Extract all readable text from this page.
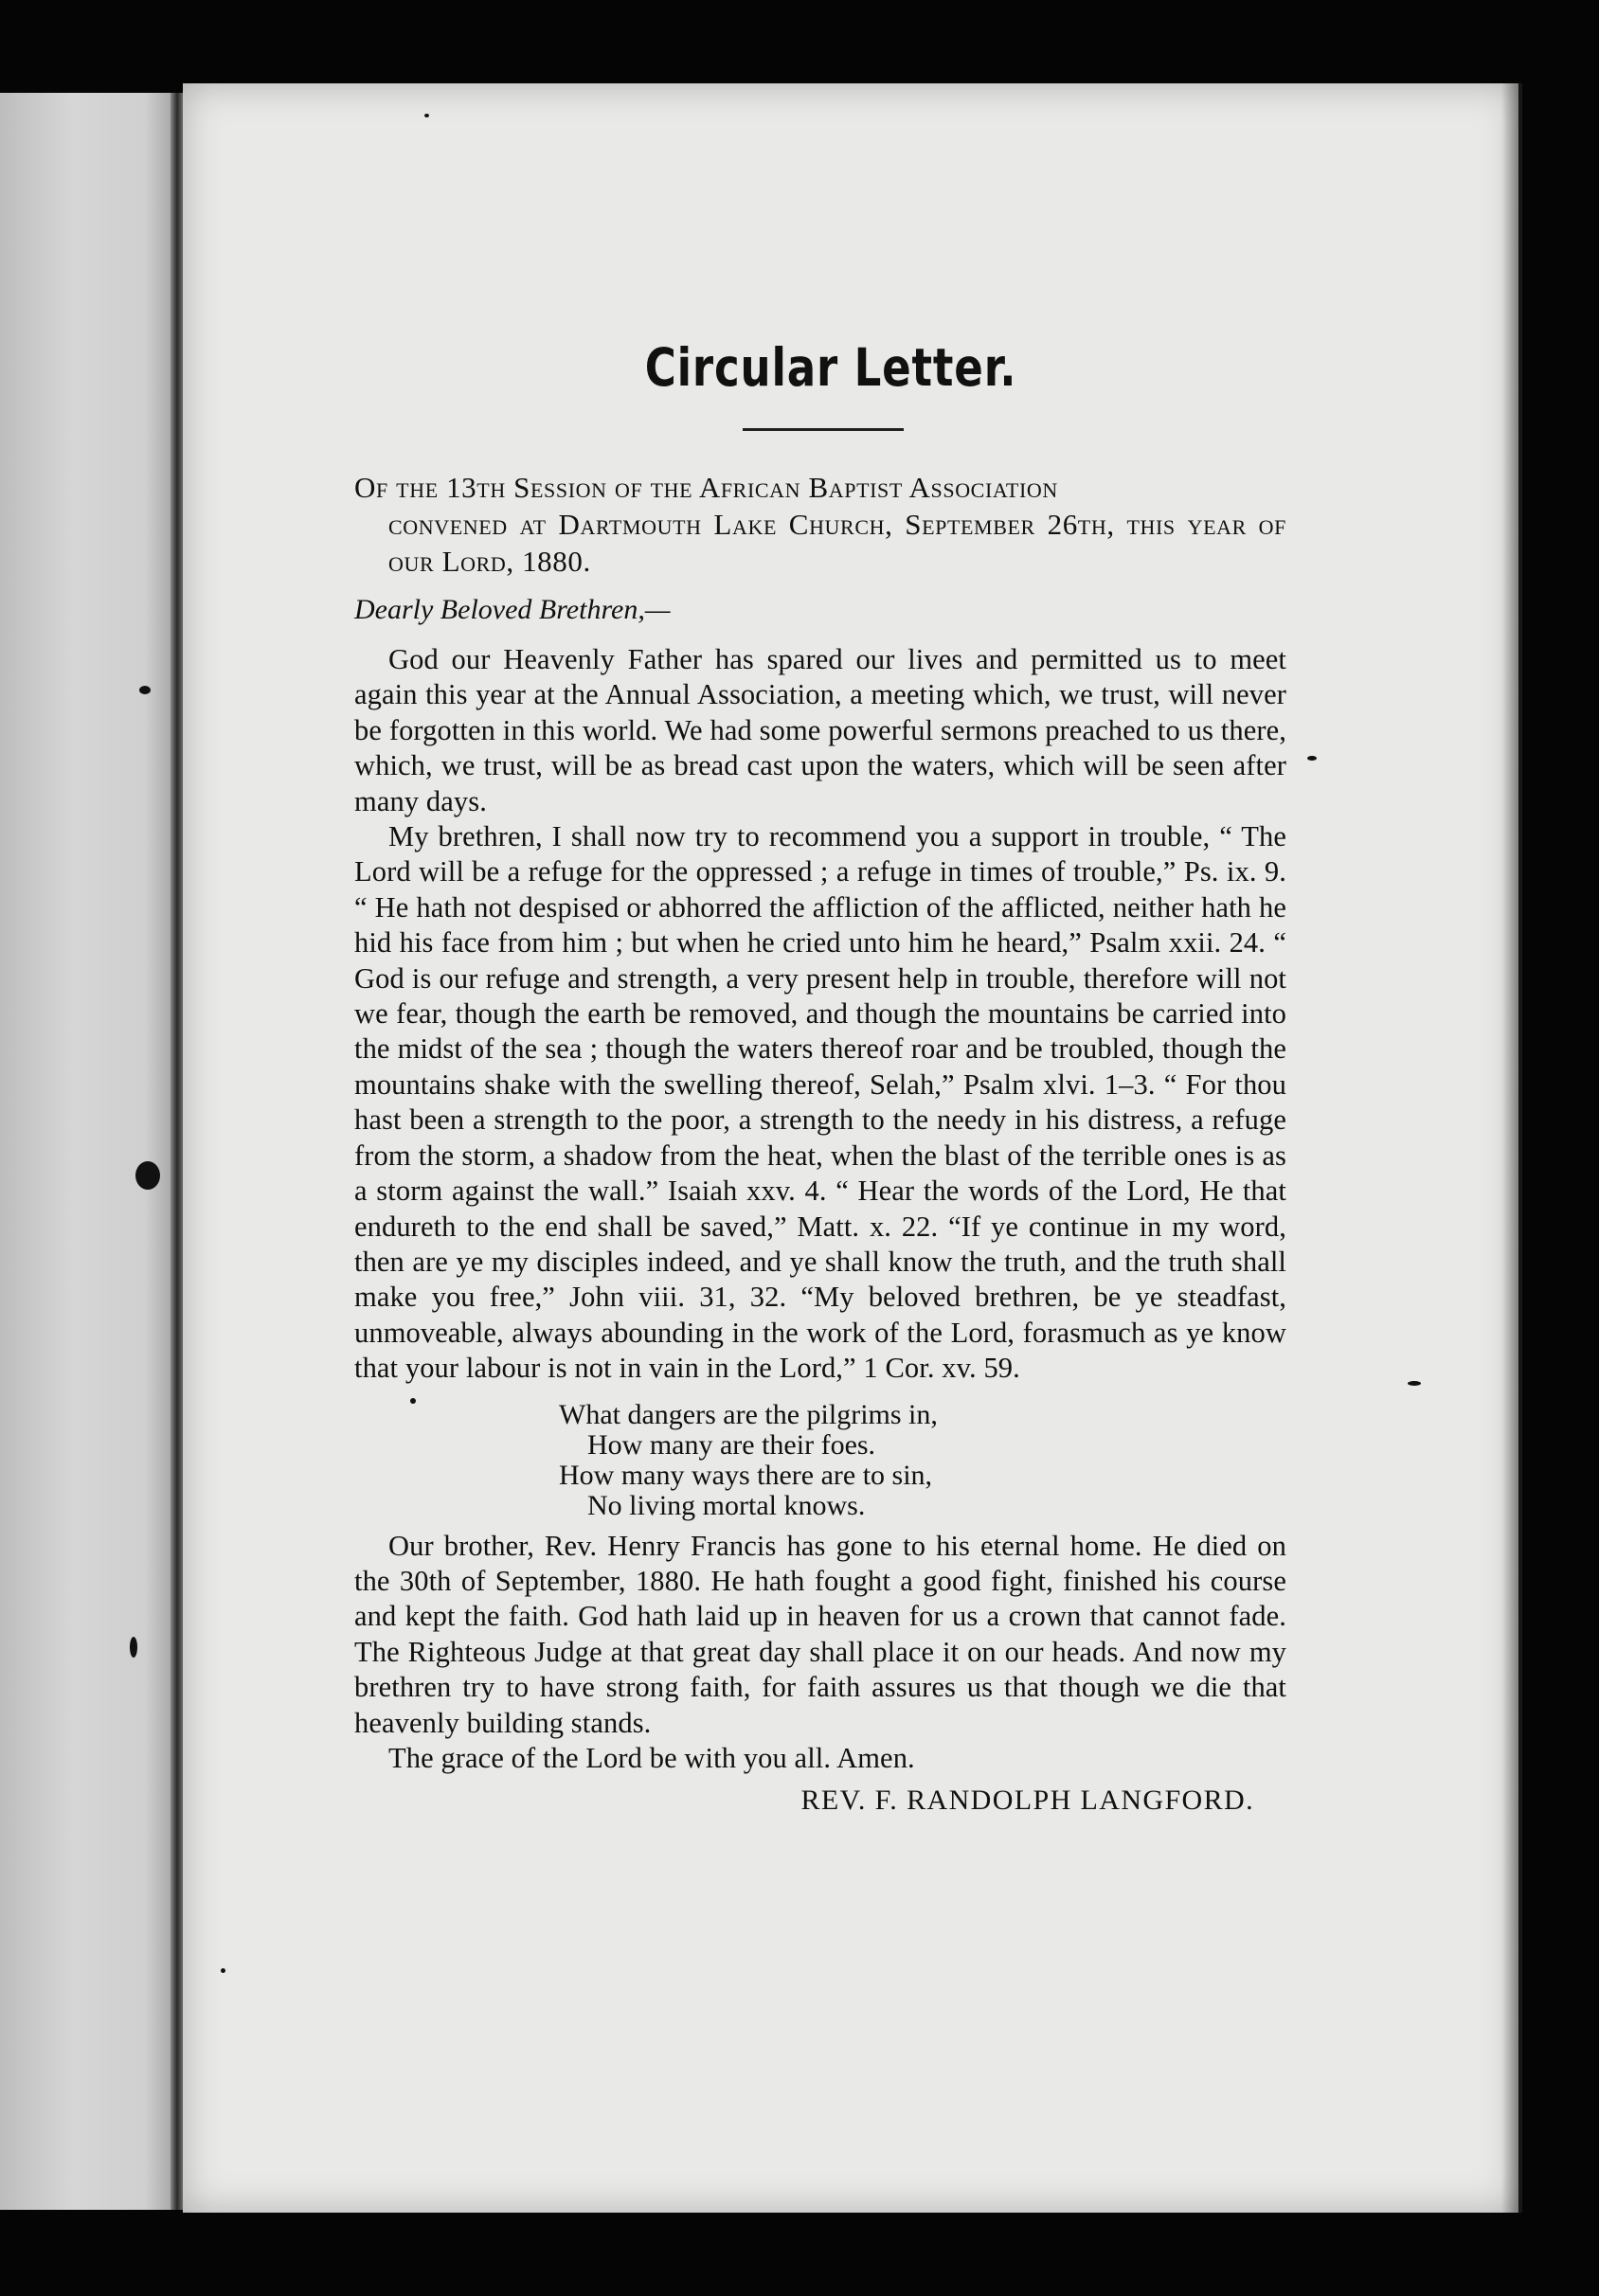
Circular Letter.
Of the 13th Session of the African Baptist Association
convened at Dartmouth Lake Church, September 26th, this year of our Lord, 1880.
Dearly Beloved Brethren,—

God our Heavenly Father has spared our lives and permitted us to meet again this year at the Annual Association, a meeting which, we trust, will never be forgotten in this world. We had some powerful sermons preached to us there, which, we trust, will be as bread cast upon the waters, which will be seen after many days.

My brethren, I shall now try to recommend you a support in trouble, “ The Lord will be a refuge for the oppressed ; a refuge in times of trouble,” Ps. ix. 9. “ He hath not despised or abhorred the affliction of the afflicted, neither hath he hid his face from him ; but when he cried unto him he heard,” Psalm xxii. 24. “ God is our refuge and strength, a very present help in trouble, therefore will not we fear, though the earth be removed, and though the mountains be carried into the midst of the sea ; though the waters thereof roar and be troubled, though the mountains shake with the swelling thereof, Selah,” Psalm xlvi. 1–3. “ For thou hast been a strength to the poor, a strength to the needy in his distress, a refuge from the storm, a shadow from the heat, when the blast of the terrible ones is as a storm against the wall.” Isaiah xxv. 4. “ Hear the words of the Lord, He that endureth to the end shall be saved,” Matt. x. 22. “If ye continue in my word, then are ye my disciples indeed, and ye shall know the truth, and the truth shall make you free,” John viii. 31, 32. “My beloved brethren, be ye steadfast, unmoveable, always abounding in the work of the Lord, forasmuch as ye know that your labour is not in vain in the Lord,” 1 Cor. xv. 59.

What dangers are the pilgrims in,
How many are their foes.
How many ways there are to sin,
No living mortal knows.

Our brother, Rev. Henry Francis has gone to his eternal home. He died on the 30th of September, 1880. He hath fought a good fight, finished his course and kept the faith. God hath laid up in heaven for us a crown that cannot fade. The Righteous Judge at that great day shall place it on our heads. And now my brethren try to have strong faith, for faith assures us that though we die that heavenly building stands.

The grace of the Lord be with you all. Amen.

REV. F. RANDOLPH LANGFORD.
